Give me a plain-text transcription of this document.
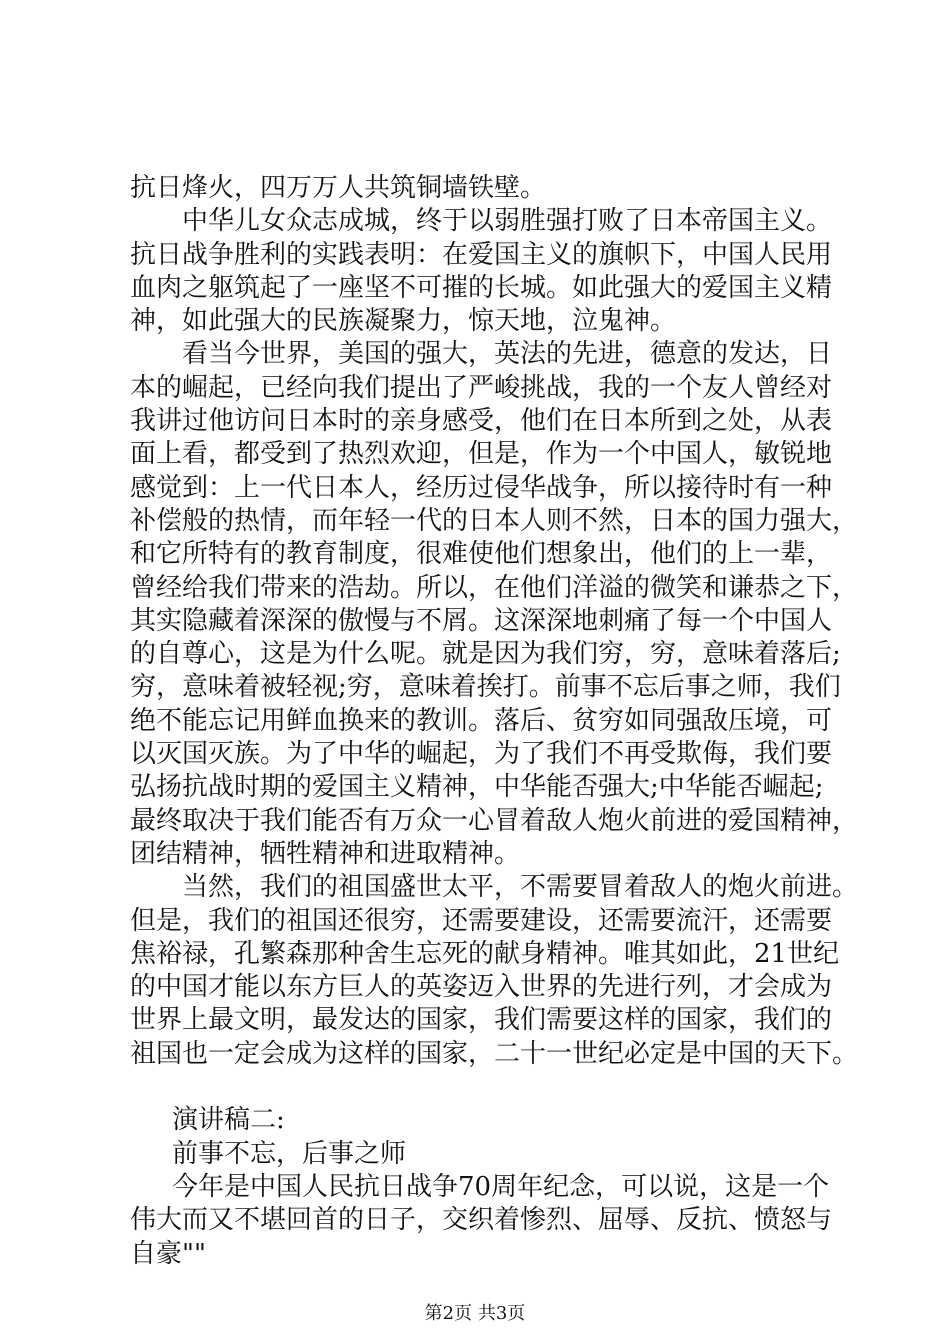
抗日烽火，四万万人共筑铜墙铁壁。
中华儿女众志成城，终于以弱胜强打败了日本帝国主义。
抗日战争胜利的实践表明：在爱国主义的旗帜下，中国人民用
血肉之躯筑起了一座坚不可摧的长城。如此强大的爱国主义精
神，如此强大的民族凝聚力，惊天地，泣鬼神。
看当今世界，美国的强大，英法的先进，德意的发达，日
本的崛起，已经向我们提出了严峻挑战，我的一个友人曾经对
我讲过他访问日本时的亲身感受，他们在日本所到之处，从表
面上看，都受到了热烈欢迎，但是，作为一个中国人，敏锐地
感觉到：上一代日本人，经历过侵华战争，所以接待时有一种
补偿般的热情，而年轻一代的日本人则不然，日本的国力强大，
和它所特有的教育制度，很难使他们想象出，他们的上一辈，
曾经给我们带来的浩劫。所以，在他们洋溢的微笑和谦恭之下，
其实隐藏着深深的傲慢与不屑。这深深地刺痛了每一个中国人
的自尊心，这是为什么呢。就是因为我们穷，穷，意味着落后;
穷，意味着被轻视;穷，意味着挨打。前事不忘后事之师，我们
绝不能忘记用鲜血换来的教训。落后、贫穷如同强敌压境，可
以灭国灭族。为了中华的崛起，为了我们不再受欺侮，我们要
弘扬抗战时期的爱国主义精神，中华能否强大;中华能否崛起;
最终取决于我们能否有万众一心冒着敌人炮火前进的爱国精神，
团结精神，牺牲精神和进取精神。
当然，我们的祖国盛世太平，不需要冒着敌人的炮火前进。
但是，我们的祖国还很穷，还需要建设，还需要流汗，还需要
焦裕禄，孔繁森那种舍生忘死的献身精神。唯其如此，21世纪
的中国才能以东方巨人的英姿迈入世界的先进行列，才会成为
世界上最文明，最发达的国家，我们需要这样的国家，我们的
祖国也一定会成为这样的国家，二十一世纪必定是中国的天下。
演讲稿二:
前事不忘，后事之师
今年是中国人民抗日战争70周年纪念，可以说，这是一个
伟大而又不堪回首的日子，交织着惨烈、屈辱、反抗、愤怒与
自豪""
第2页 共3页
